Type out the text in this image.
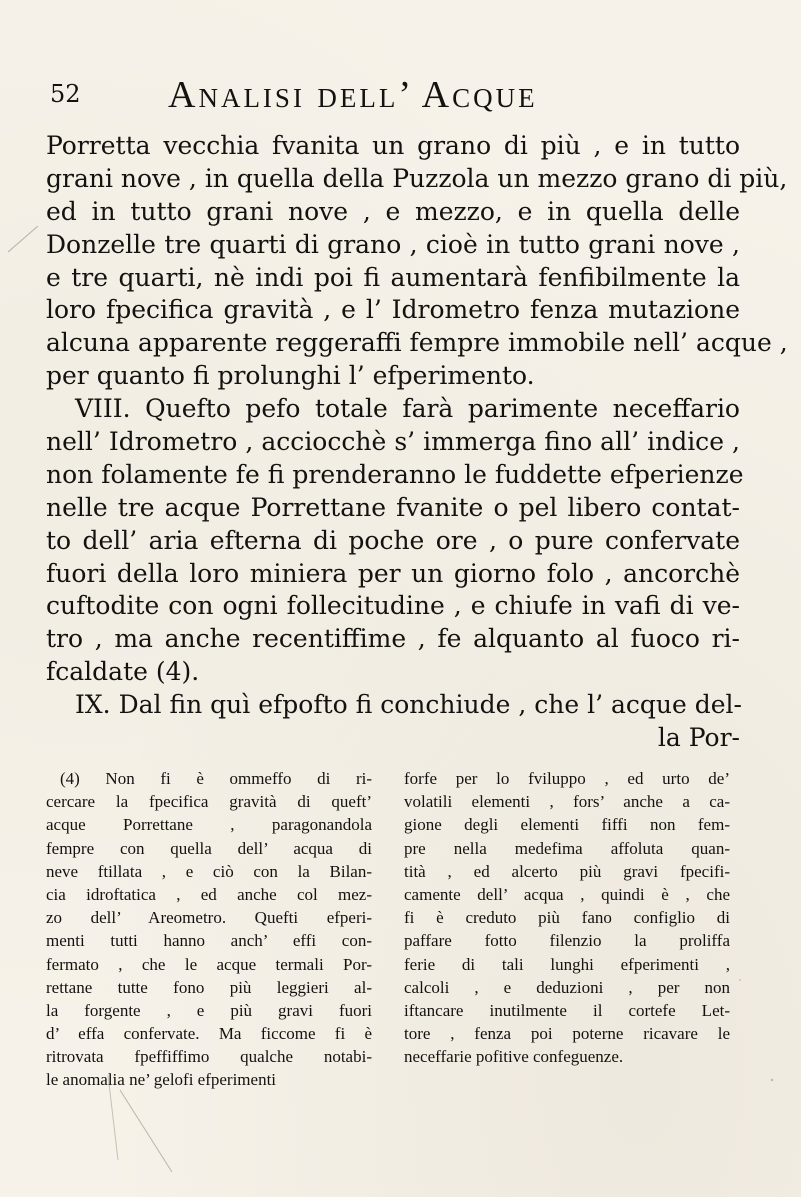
52 Analisi dell’ Acque
Porretta vecchia fvanita un grano di più , e in tutto
grani nove , in quella della Puzzola un mezzo grano di più,
ed in tutto grani nove , e mezzo, e in quella delle
Donzelle tre quarti di grano , cioè in tutto grani nove ,
e tre quarti, nè indi poi fi aumentarà fenfibilmente la
loro fpecifica gravità , e l’ Idrometro fenza mutazione
alcuna apparente reggeraffi fempre immobile nell’ acque ,
per quanto fi prolunghi l’ efperimento.
VIII. Quefto pefo totale farà parimente neceffario
nell’ Idrometro , acciocchè s’ immerga fino all’ indice ,
non folamente fe fi prenderanno le fuddette efperienze
nelle tre acque Porrettane fvanite o pel libero contat-
to dell’ aria efterna di poche ore , o pure confervate
fuori della loro miniera per un giorno folo , ancorchè
cuftodite con ogni follecitudine , e chiufe in vafi di ve-
tro , ma anche recentiffime , fe alquanto al fuoco ri-
fcaldate (4).
IX. Dal fin quì efpofto fi conchiude , che l’ acque del-
la Por-
(4) Non fi è ommeffo di ri-
cercare la fpecifica gravità di queft’
acque Porrettane , paragonandola
fempre con quella dell’ acqua di
neve ftillata , e ciò con la Bilan-
cia idroftatica , ed anche col mez-
zo dell’ Areometro. Quefti efperi-
menti tutti hanno anch’ effi con-
fermato , che le acque termali Por-
rettane tutte fono più leggieri al-
la forgente , e più gravi fuori
d’ effa confervate. Ma ficcome fi è
ritrovata fpeffiffimo qualche notabi-
le anomalia ne’ gelofi efperimenti
forfe per lo fviluppo , ed urto de’
volatili elementi , fors’ anche a ca-
gione degli elementi fiffi non fem-
pre nella medefima affoluta quan-
tità , ed alcerto più gravi fpecifi-
camente dell’ acqua , quindi è , che
fi è creduto più fano configlio di
paffare fotto filenzio la proliffa
ferie di tali lunghi efperimenti ,
calcoli , e deduzioni , per non
iftancare inutilmente il cortefe Let-
tore , fenza poi poterne ricavare le
neceffarie pofitive confeguenze.
